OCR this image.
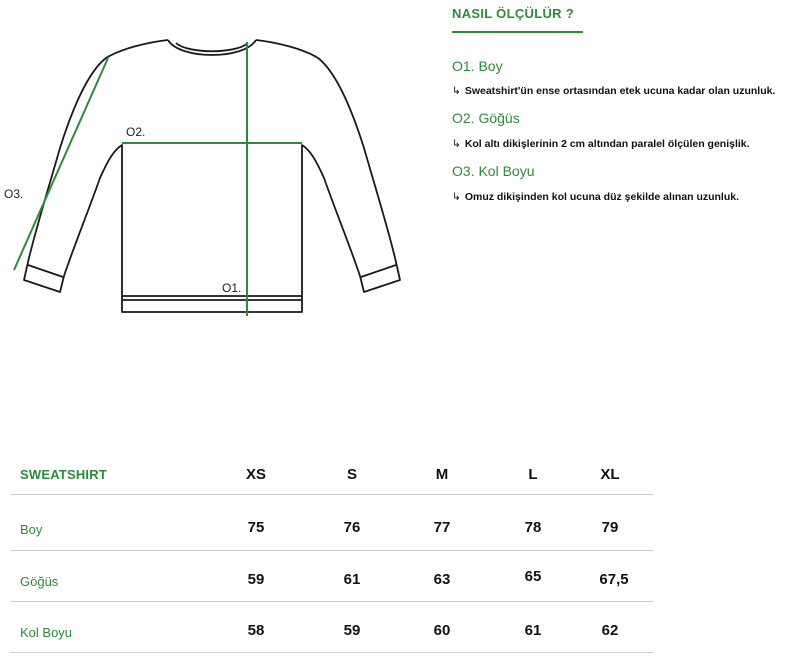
O1.
O2.
O3.
NASIL ÖLÇÜLÜR ?
O1. Boy
↳ Sweatshirt'ün ense ortasından etek ucuna kadar olan uzunluk.
O2. Göğüs
↳ Kol altı dikişlerinin 2 cm altından paralel ölçülen genişlik.
O3. Kol Boyu
↳ Omuz dikişinden kol ucuna düz şekilde alınan uzunluk.
SWEATSHIRT	XS	S	M	L	XL
Boy	75	76	77	78	79
Göğüs	59	61	63	65	67,5
Kol Boyu	58	59	60	61	62
